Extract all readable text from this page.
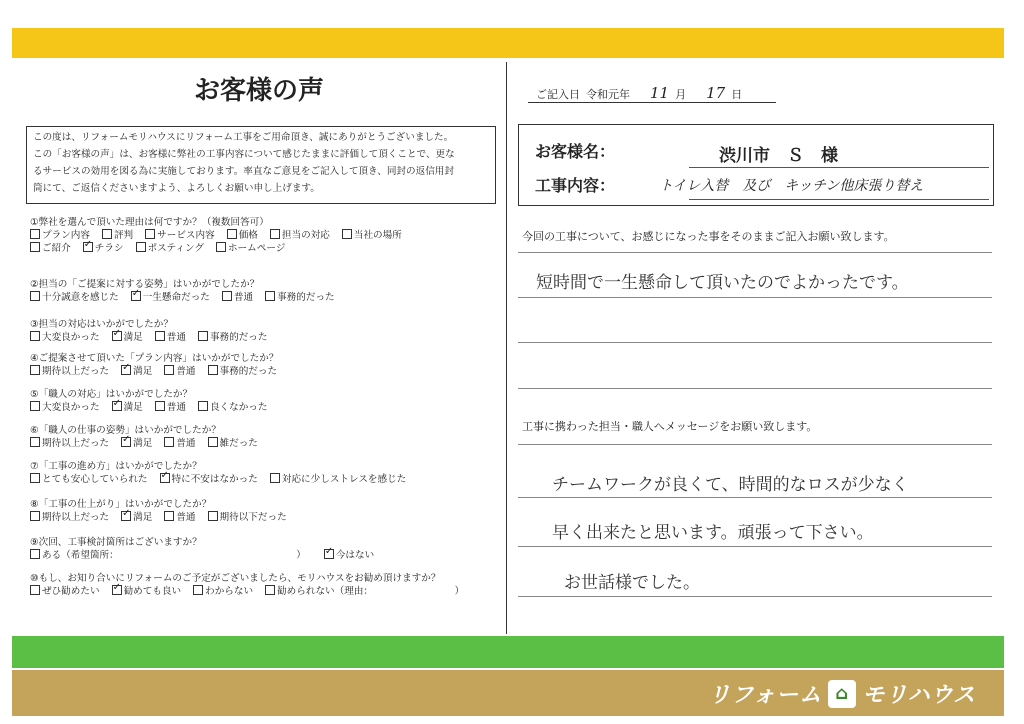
お客様の声
この度は、リフォームモリハウスにリフォーム工事をご用命頂き、誠にありがとうございました。
この「お客様の声」は、お客様に弊社の工事内容について感じたままに評価して頂くことで、更な
るサービスの効用を図る為に実施しております。率直なご意見をご記入して頂き、同封の返信用封
筒にて、ご返信くださいますよう、よろしくお願い申し上げます。
①弊社を選んで頂いた理由は何ですか？（複数回答可）
プラン内容	評判	サービス内容	価格	担当の対応	当社の場所
ご紹介 ✓	チラシ	ポスティング	ホームページ
②担当の「ご提案に対する姿勢」はいかがでしたか？
十分誠意を感じた ✓	一生懸命だった	普通	事務的だった
③担当の対応はいかがでしたか？
大変良かった ✓	満足	普通	事務的だった
④ご提案させて頂いた「プラン内容」はいかがでしたか？
期待以上だった ✓	満足	普通	事務的だった
⑤「職人の対応」はいかがでしたか？
大変良かった ✓	満足	普通	良くなかった
⑥「職人の仕事の姿勢」はいかがでしたか？
期待以上だった ✓	満足	普通	雑だった
⑦「工事の進め方」はいかがでしたか？
とても安心していられた ✓	特に不安はなかった	対応に少しストレスを感じた
⑧「工事の仕上がり」はいかがでしたか？
期待以上だった ✓	満足	普通	期待以下だった
⑨次回、工事検討箇所はございますか？
ある（希望箇所：　　　　　　　　　　　　　　　　　　　） ✓	今はない
⑩もし、お知り合いにリフォームのご予定がございましたら、モリハウスをお勧め頂けますか？
ぜひ勧めたい ✓	勧めても良い	わからない	勧められない（理由：　　　　　　　　　）
ご記入日 令和元年 11 月 17 日
お客様名：	渋川市　Ｓ　様
工事内容：	トイレ入替　及び　キッチン他床張り替え
今回の工事について、お感じになった事をそのままご記入お願い致します。
短時間で一生懸命して頂いたのでよかったです。
工事に携わった担当・職人へメッセージをお願い致します。
チームワークが良くて、時間的なロスが少なく
早く出来たと思います。頑張って下さい。
お世話様でした。
リフォーム ⌂ モリハウス
